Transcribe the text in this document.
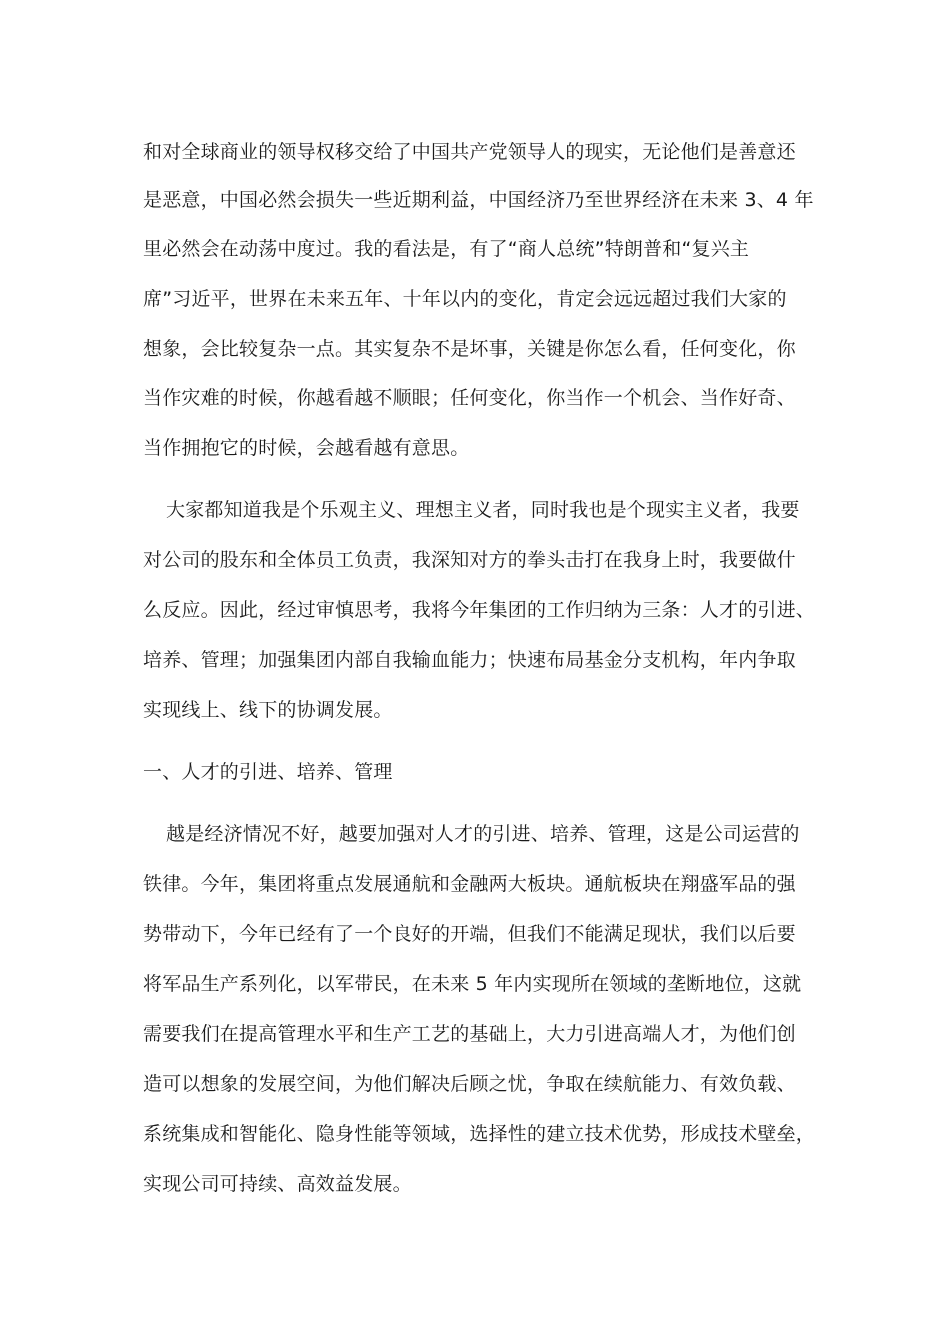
和对全球商业的领导权移交给了中国共产党领导人的现实，无论他们是善意还
是恶意，中国必然会损失一些近期利益，中国经济乃至世界经济在未来 3、4 年
里必然会在动荡中度过。我的看法是，有了“商人总统”特朗普和“复兴主
席”习近平，世界在未来五年、十年以内的变化，肯定会远远超过我们大家的
想象，会比较复杂一点。其实复杂不是坏事，关键是你怎么看，任何变化，你
当作灾难的时候，你越看越不顺眼；任何变化，你当作一个机会、当作好奇、
当作拥抱它的时候，会越看越有意思。
大家都知道我是个乐观主义、理想主义者，同时我也是个现实主义者，我要
对公司的股东和全体员工负责，我深知对方的拳头击打在我身上时，我要做什
么反应。因此，经过审慎思考，我将今年集团的工作归纳为三条：人才的引进、
培养、管理；加强集团内部自我输血能力；快速布局基金分支机构，年内争取
实现线上、线下的协调发展。
一、人才的引进、培养、管理
越是经济情况不好，越要加强对人才的引进、培养、管理，这是公司运营的
铁律。今年，集团将重点发展通航和金融两大板块。通航板块在翔盛军品的强
势带动下，今年已经有了一个良好的开端，但我们不能满足现状，我们以后要
将军品生产系列化，以军带民，在未来 5 年内实现所在领域的垄断地位，这就
需要我们在提高管理水平和生产工艺的基础上，大力引进高端人才，为他们创
造可以想象的发展空间，为他们解决后顾之忧，争取在续航能力、有效负载、
系统集成和智能化、隐身性能等领域，选择性的建立技术优势，形成技术壁垒，
实现公司可持续、高效益发展。
